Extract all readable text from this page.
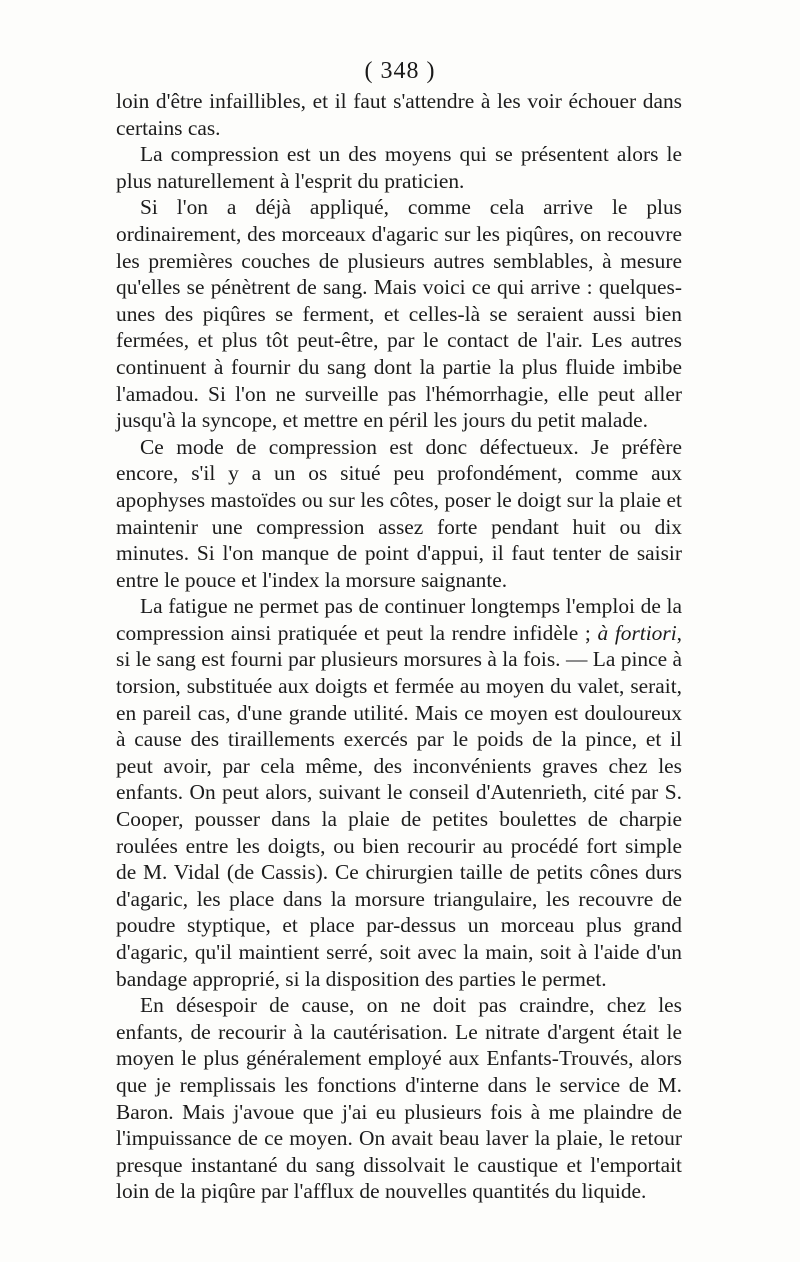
( 348 )

loin d'être infaillibles, et il faut s'attendre à les voir échouer dans certains cas.

La compression est un des moyens qui se présentent alors le plus naturellement à l'esprit du praticien.

Si l'on a déjà appliqué, comme cela arrive le plus ordinairement, des morceaux d'agaric sur les piqûres, on recouvre les premières couches de plusieurs autres semblables, à mesure qu'elles se pénètrent de sang. Mais voici ce qui arrive : quelques-unes des piqûres se ferment, et celles-là se seraient aussi bien fermées, et plus tôt peut-être, par le contact de l'air. Les autres continuent à fournir du sang dont la partie la plus fluide imbibe l'amadou. Si l'on ne surveille pas l'hémorrhagie, elle peut aller jusqu'à la syncope, et mettre en péril les jours du petit malade.

Ce mode de compression est donc défectueux. Je préfère encore, s'il y a un os situé peu profondément, comme aux apophyses mastoïdes ou sur les côtes, poser le doigt sur la plaie et maintenir une compression assez forte pendant huit ou dix minutes. Si l'on manque de point d'appui, il faut tenter de saisir entre le pouce et l'index la morsure saignante.

La fatigue ne permet pas de continuer longtemps l'emploi de la compression ainsi pratiquée et peut la rendre infidèle ; à fortiori, si le sang est fourni par plusieurs morsures à la fois. — La pince à torsion, substituée aux doigts et fermée au moyen du valet, serait, en pareil cas, d'une grande utilité. Mais ce moyen est douloureux à cause des tiraillements exercés par le poids de la pince, et il peut avoir, par cela même, des inconvénients graves chez les enfants. On peut alors, suivant le conseil d'Autenrieth, cité par S. Cooper, pousser dans la plaie de petites boulettes de charpie roulées entre les doigts, ou bien recourir au procédé fort simple de M. Vidal (de Cassis). Ce chirurgien taille de petits cônes durs d'agaric, les place dans la morsure triangulaire, les recouvre de poudre styptique, et place par-dessus un morceau plus grand d'agaric, qu'il maintient serré, soit avec la main, soit à l'aide d'un bandage approprié, si la disposition des parties le permet.

En désespoir de cause, on ne doit pas craindre, chez les enfants, de recourir à la cautérisation. Le nitrate d'argent était le moyen le plus généralement employé aux Enfants-Trouvés, alors que je remplissais les fonctions d'interne dans le service de M. Baron. Mais j'avoue que j'ai eu plusieurs fois à me plaindre de l'impuissance de ce moyen. On avait beau laver la plaie, le retour presque instantané du sang dissolvait le caustique et l'emportait loin de la piqûre par l'afflux de nouvelles quantités du liquide.
